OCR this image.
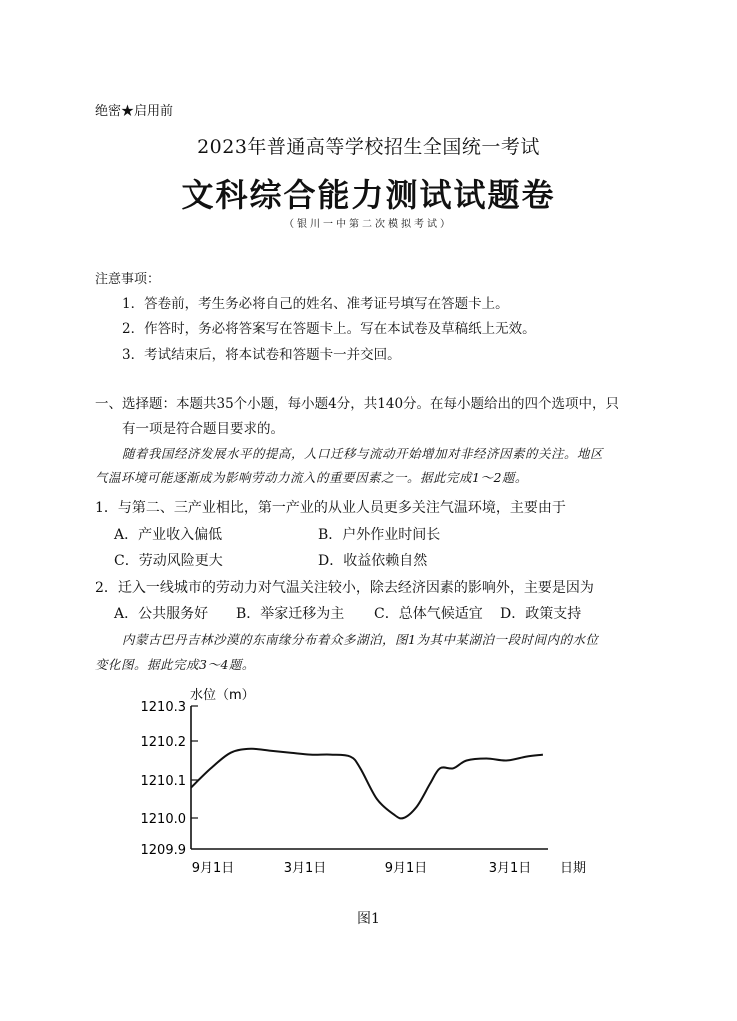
绝密★启用前
2023年普通高等学校招生全国统一考试
文科综合能力测试试题卷
（银川一中第二次模拟考试）
注意事项：
1．答卷前，考生务必将自己的姓名、准考证号填写在答题卡上。
2．作答时，务必将答案写在答题卡上。写在本试卷及草稿纸上无效。
3．考试结束后，将本试卷和答题卡一并交回。
一、选择题：本题共35个小题，每小题4分，共140分。在每小题给出的四个选项中，只
有一项是符合题目要求的。
随着我国经济发展水平的提高，人口迁移与流动开始增加对非经济因素的关注。地区
气温环境可能逐渐成为影响劳动力流入的重要因素之一。据此完成1～2题。
1．与第二、三产业相比，第一产业的从业人员更多关注气温环境，主要由于
A．产业收入偏低	B．户外作业时间长
C．劳动风险更大	D．收益依赖自然
2．迁入一线城市的劳动力对气温关注较小，除去经济因素的影响外，主要是因为
A．公共服务好 B．举家迁移为主 C．总体气候适宜 D．政策支持
内蒙古巴丹吉林沙漠的东南缘分布着众多湖泊，图1为其中某湖泊一段时间内的水位
变化图。据此完成3～4题。
水位（m）
1210.3
1210.2
1210.1
1210.0
1209.9
9月1日	3月1日	9月1日	3月1日 日期
图1
